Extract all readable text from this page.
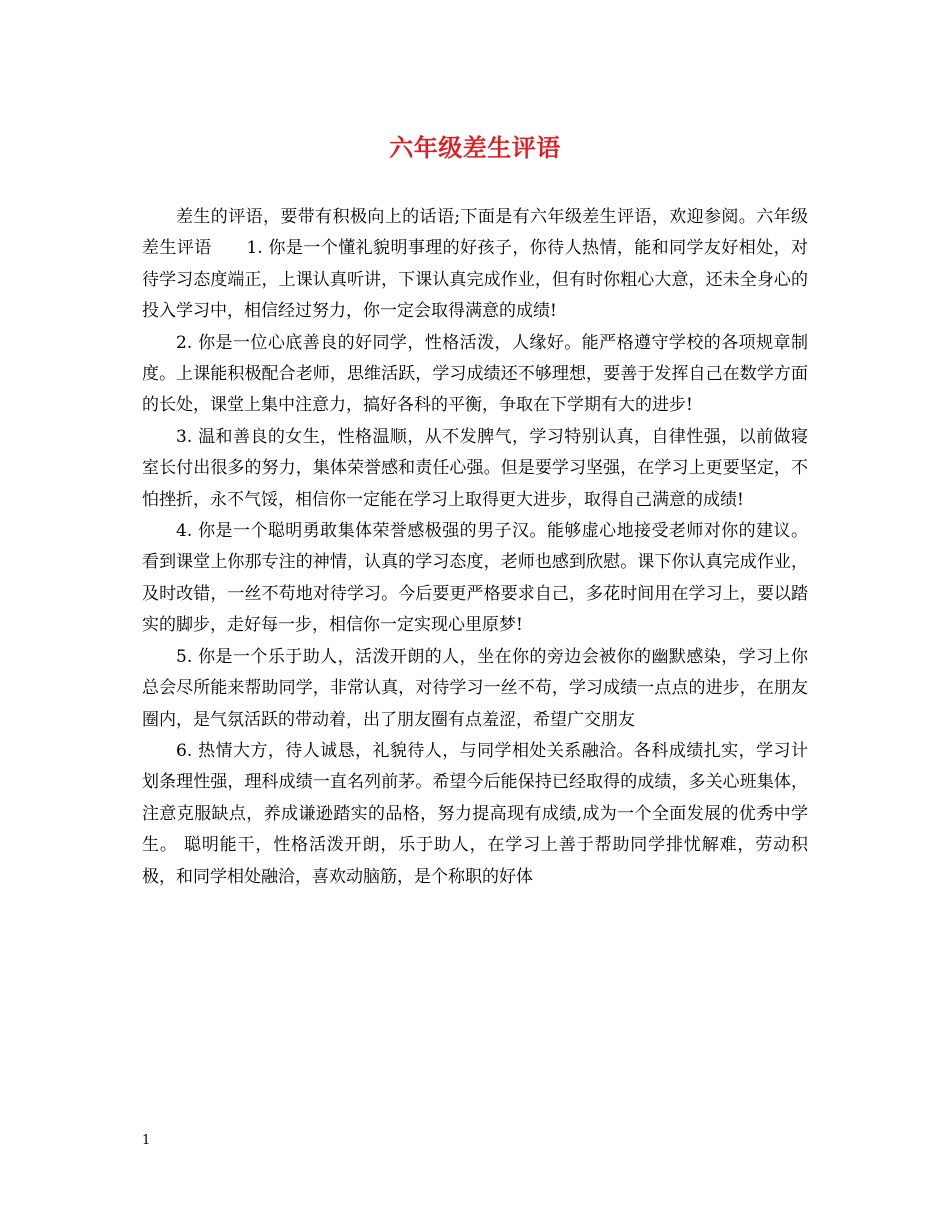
六年级差生评语

差生的评语，要带有积极向上的话语;下面是有六年级差生评语，欢迎参阅。六年级差生评语　　1. 你是一个懂礼貌明事理的好孩子，你待人热情，能和同学友好相处，对待学习态度端正，上课认真听讲，下课认真完成作业，但有时你粗心大意，还未全身心的投入学习中，相信经过努力，你一定会取得满意的成绩!

2. 你是一位心底善良的好同学，性格活泼，人缘好。能严格遵守学校的各项规章制度。上课能积极配合老师，思维活跃，学习成绩还不够理想，要善于发挥自己在数学方面的长处，课堂上集中注意力，搞好各科的平衡，争取在下学期有大的进步!

3. 温和善良的女生，性格温顺，从不发脾气，学习特别认真，自律性强，以前做寝室长付出很多的努力，集体荣誉感和责任心强。但是要学习坚强，在学习上更要坚定，不怕挫折，永不气馁，相信你一定能在学习上取得更大进步，取得自己满意的成绩!

4. 你是一个聪明勇敢集体荣誉感极强的男子汉。能够虚心地接受老师对你的建议。看到课堂上你那专注的神情，认真的学习态度，老师也感到欣慰。课下你认真完成作业，及时改错，一丝不苟地对待学习。今后要更严格要求自己，多花时间用在学习上，要以踏实的脚步，走好每一步，相信你一定实现心里原梦!

5. 你是一个乐于助人，活泼开朗的人，坐在你的旁边会被你的幽默感染，学习上你总会尽所能来帮助同学，非常认真，对待学习一丝不苟，学习成绩一点点的进步，在朋友圈内，是气氛活跃的带动着，出了朋友圈有点羞涩，希望广交朋友

6. 热情大方，待人诚恳，礼貌待人，与同学相处关系融洽。各科成绩扎实，学习计划条理性强，理科成绩一直名列前茅。希望今后能保持已经取得的成绩，多关心班集体，注意克服缺点，养成谦逊踏实的品格，努力提高现有成绩,成为一个全面发展的优秀中学生。 聪明能干，性格活泼开朗，乐于助人，在学习上善于帮助同学排忧解难，劳动积极，和同学相处融洽，喜欢动脑筋，是个称职的好体

1
